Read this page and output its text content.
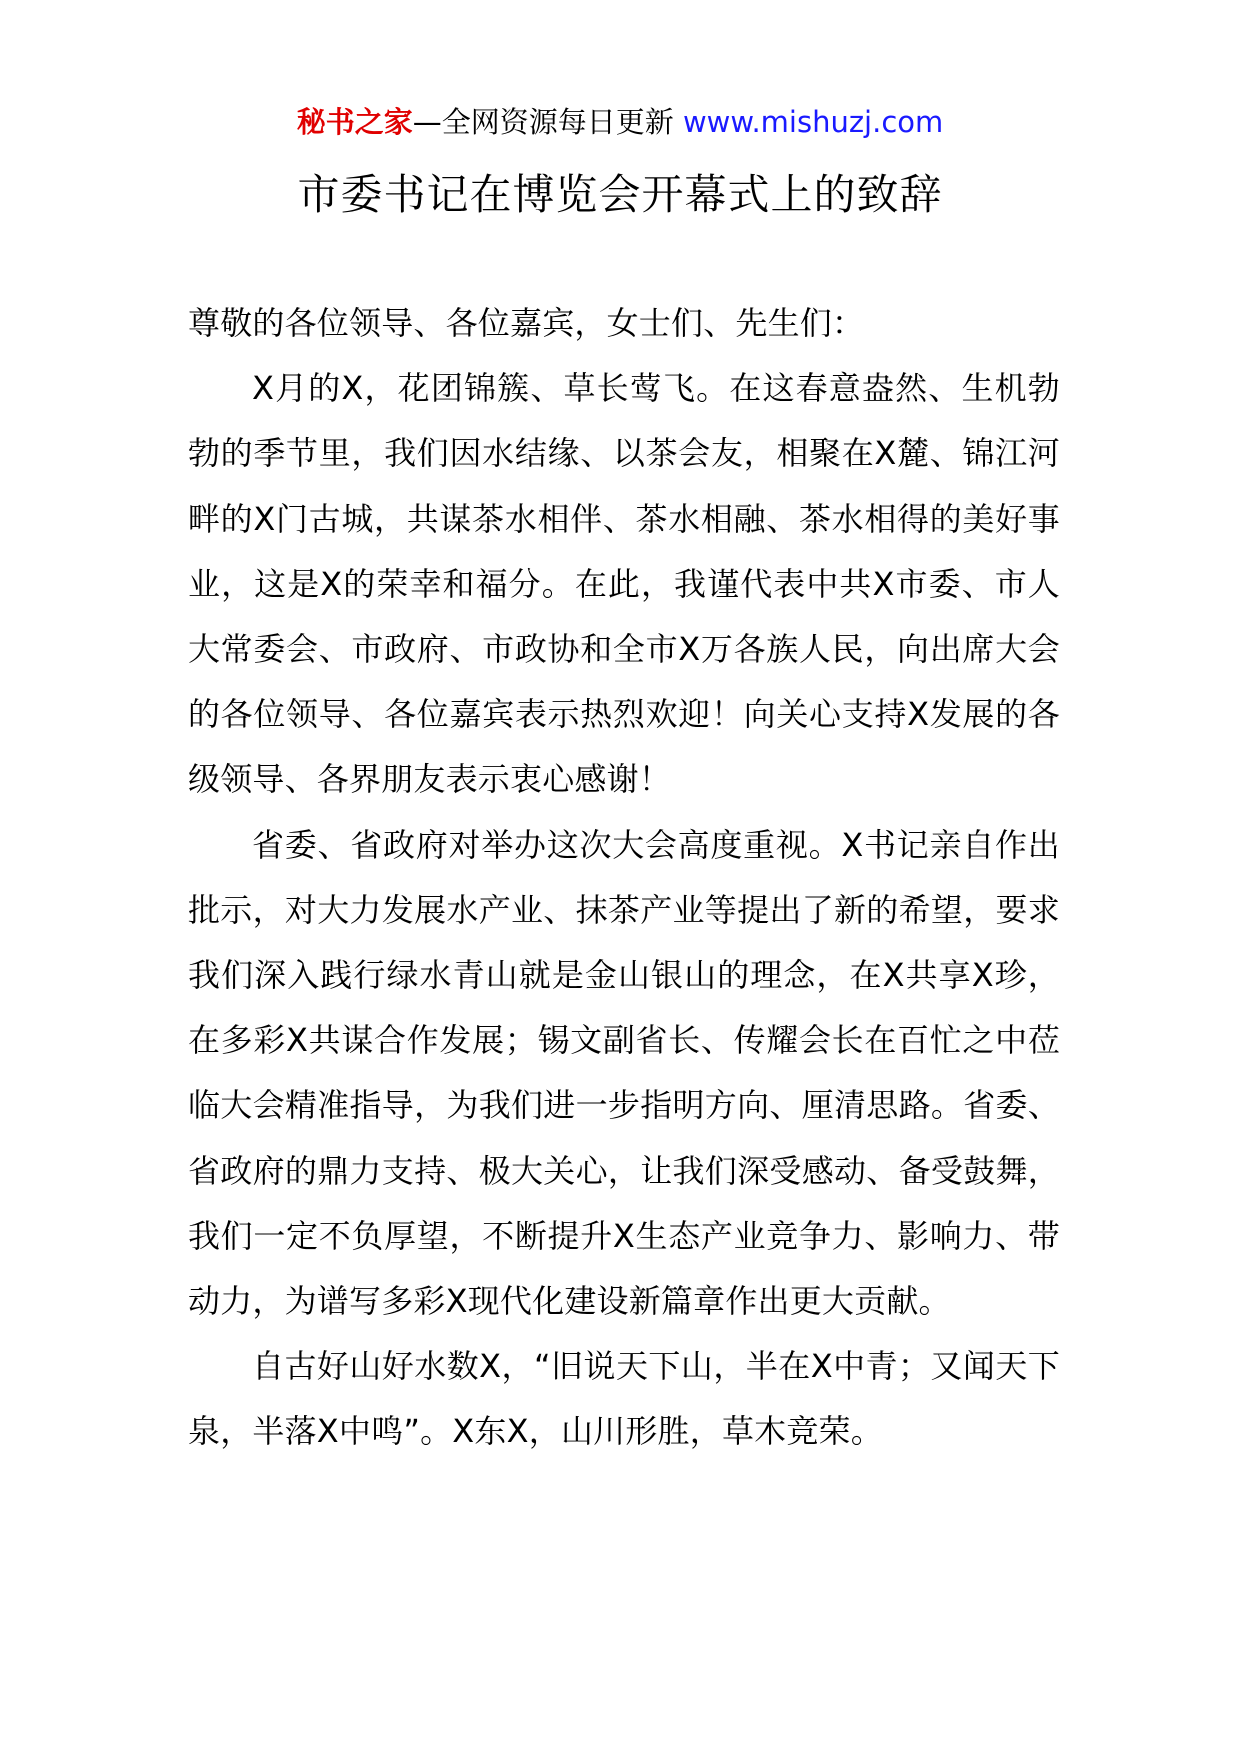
秘书之家—全网资源每日更新 www.mishuzj.com
市委书记在博览会开幕式上的致辞

尊敬的各位领导、各位嘉宾，女士们、先生们：

X月的X，花团锦簇、草长莺飞。在这春意盎然、生机勃勃的季节里，我们因水结缘、以茶会友，相聚在X麓、锦江河畔的X门古城，共谋茶水相伴、茶水相融、茶水相得的美好事业，这是X的荣幸和福分。在此，我谨代表中共X市委、市人大常委会、市政府、市政协和全市X万各族人民，向出席大会的各位领导、各位嘉宾表示热烈欢迎！向关心支持X发展的各级领导、各界朋友表示衷心感谢！

省委、省政府对举办这次大会高度重视。X书记亲自作出批示，对大力发展水产业、抹茶产业等提出了新的希望，要求我们深入践行绿水青山就是金山银山的理念，在X共享X珍，在多彩X共谋合作发展；锡文副省长、传耀会长在百忙之中莅临大会精准指导，为我们进一步指明方向、厘清思路。省委、省政府的鼎力支持、极大关心，让我们深受感动、备受鼓舞，我们一定不负厚望，不断提升X生态产业竞争力、影响力、带动力，为谱写多彩X现代化建设新篇章作出更大贡献。

自古好山好水数X，“旧说天下山，半在X中青；又闻天下泉，半落X中鸣”。X东X，山川形胜，草木竞荣。
